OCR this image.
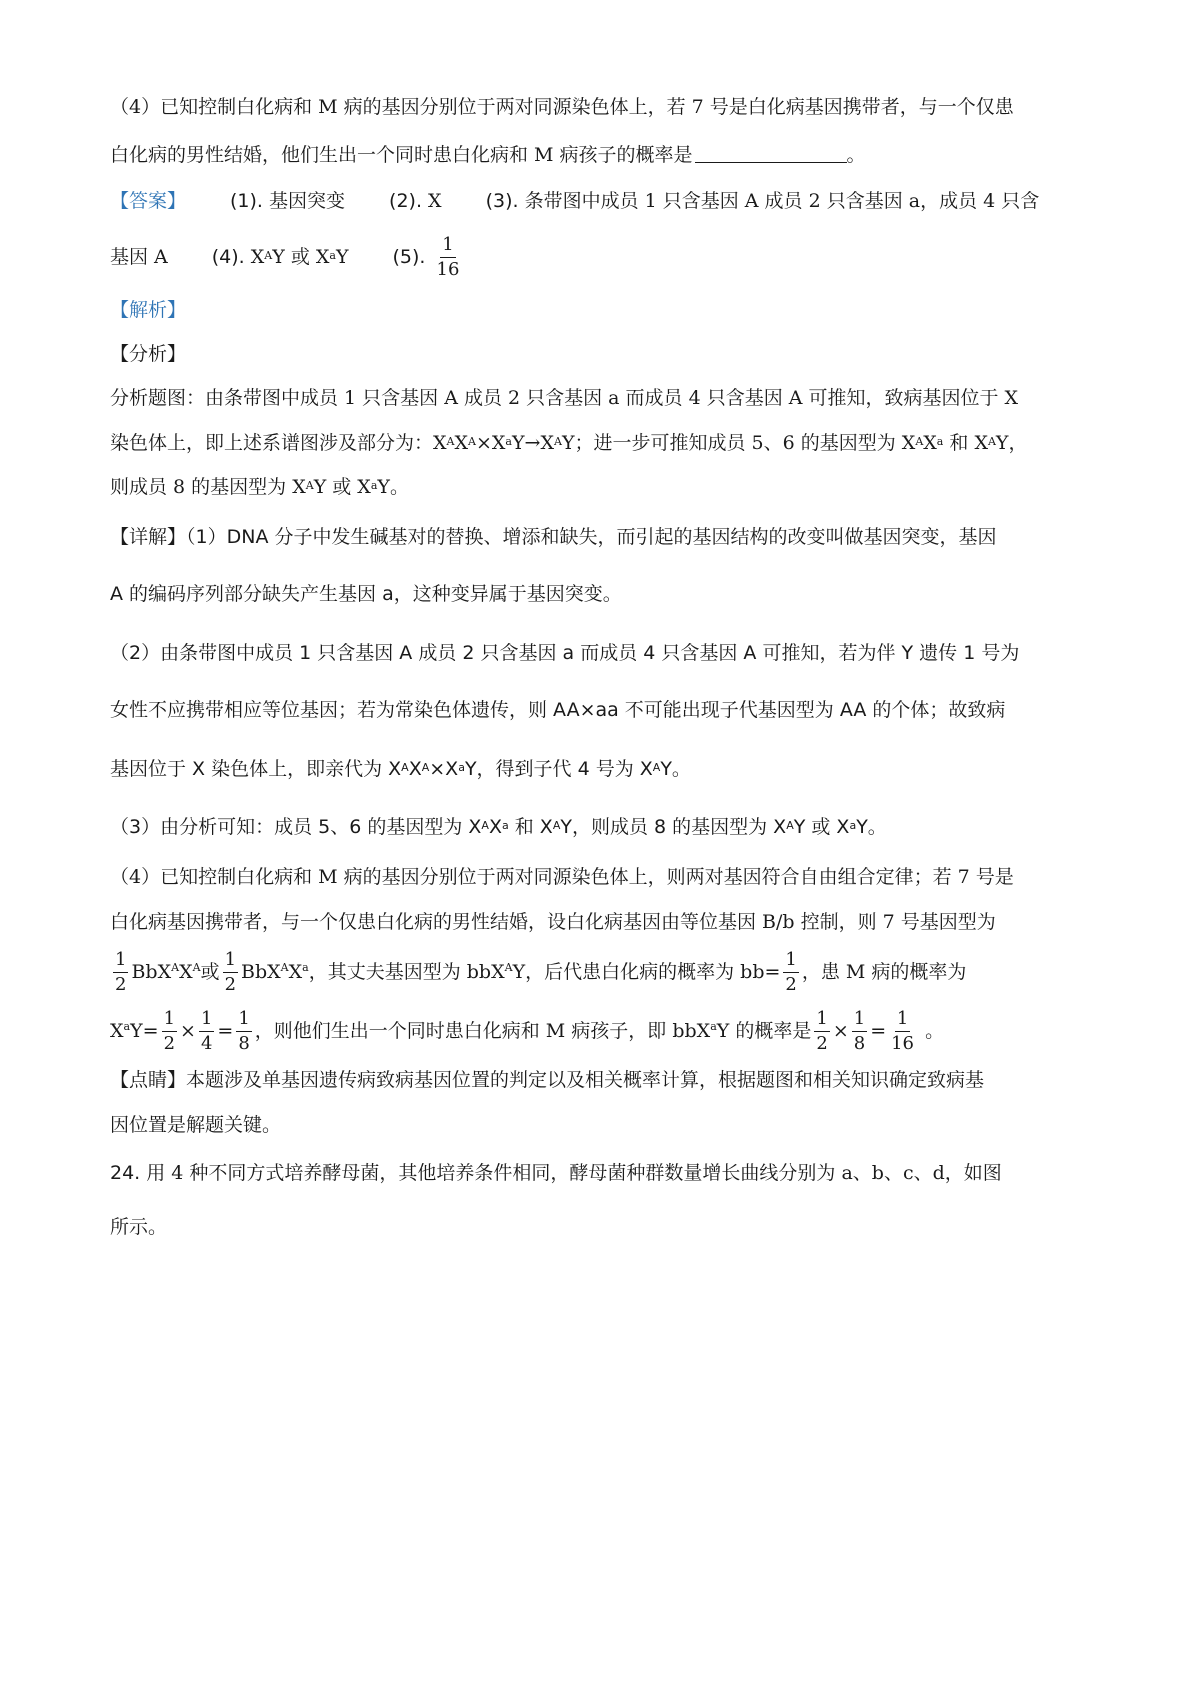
（4）已知控制白化病和 M 病的基因分别位于两对同源染色体上，若 7 号是白化病基因携带者，与一个仅患
白化病的男性结婚，他们生出一个同时患白化病和 M 病孩子的概率是	。
【答案】 (1). 基因突变 (2). X (3). 条带图中成员 1 只含基因 A 成员 2 只含基因 a，成员 4 只含
基因 A (4).
$X^AY$ 或 $X^aY$ (5).
$\frac{1}{16}$
【解析】
【分析】
分析题图：由条带图中成员 1 只含基因 A 成员 2 只含基因 a 而成员 4 只含基因 A 可推知，致病基因位于 X
染色体上，即上述系谱图涉及部分为：$X^AX^A\times X^aY\to X^AY$；进一步可推知成员 5、6 的基因型为 $X^AX^a$ 和 $X^AY$，
则成员 8 的基因型为 $X^AY$ 或 $X^aY$。
【详解】（1）DNA 分子中发生碱基对的替换、增添和缺失，而引起的基因结构的改变叫做基因突变，基因
A 的编码序列部分缺失产生基因 a，这种变异属于基因突变。
（2）由条带图中成员 1 只含基因 A 成员 2 只含基因 a 而成员 4 只含基因 A 可推知，若为伴 Y 遗传 1 号为
女性不应携带相应等位基因；若为常染色体遗传，则 AA×aa 不可能出现子代基因型为 AA 的个体；故致病
基因位于 X 染色体上，即亲代为 $X^AX^A\times X^aY$，得到子代 4 号为 $X^AY$。
（3）由分析可知：成员 5、6 的基因型为 $X^AX^a$ 和 $X^AY$，则成员 8 的基因型为 $X^AY$ 或 $X^aY$。
（4）已知控制白化病和 M 病的基因分别位于两对同源染色体上，则两对基因符合自由组合定律；若 7 号是
白化病基因携带者，与一个仅患白化病的男性结婚，设白化病基因由等位基因 B/b 控制，则 7 号基因型为
$\frac{1}{2} BbX^A$ $X^A$ 或 $\frac{1}{2} BbX^A$ $X^a$ ，其丈夫基因型为 bbX$^A$ Y，后代患白化病的概率为 $bb= \frac{1}{2}$ ，患 M 病的概率为
$X^a$ $Y= \frac{1}{2} \times \frac{1}{4} = \frac{1}{8}$ ，则他们生出一个同时患白化病和 M 病孩子，即 bbX$^a$ Y 的概率是 $\frac{1}{2} \times \frac{1}{8} = \frac{1}{16}$
。
【点睛】本题涉及单基因遗传病致病基因位置的判定以及相关概率计算，根据题图和相关知识确定致病基
因位置是解题关键。
24. 用 4 种不同方式培养酵母菌，其他培养条件相同，酵母菌种群数量增长曲线分别为 a、b、c、d，如图
所示。
